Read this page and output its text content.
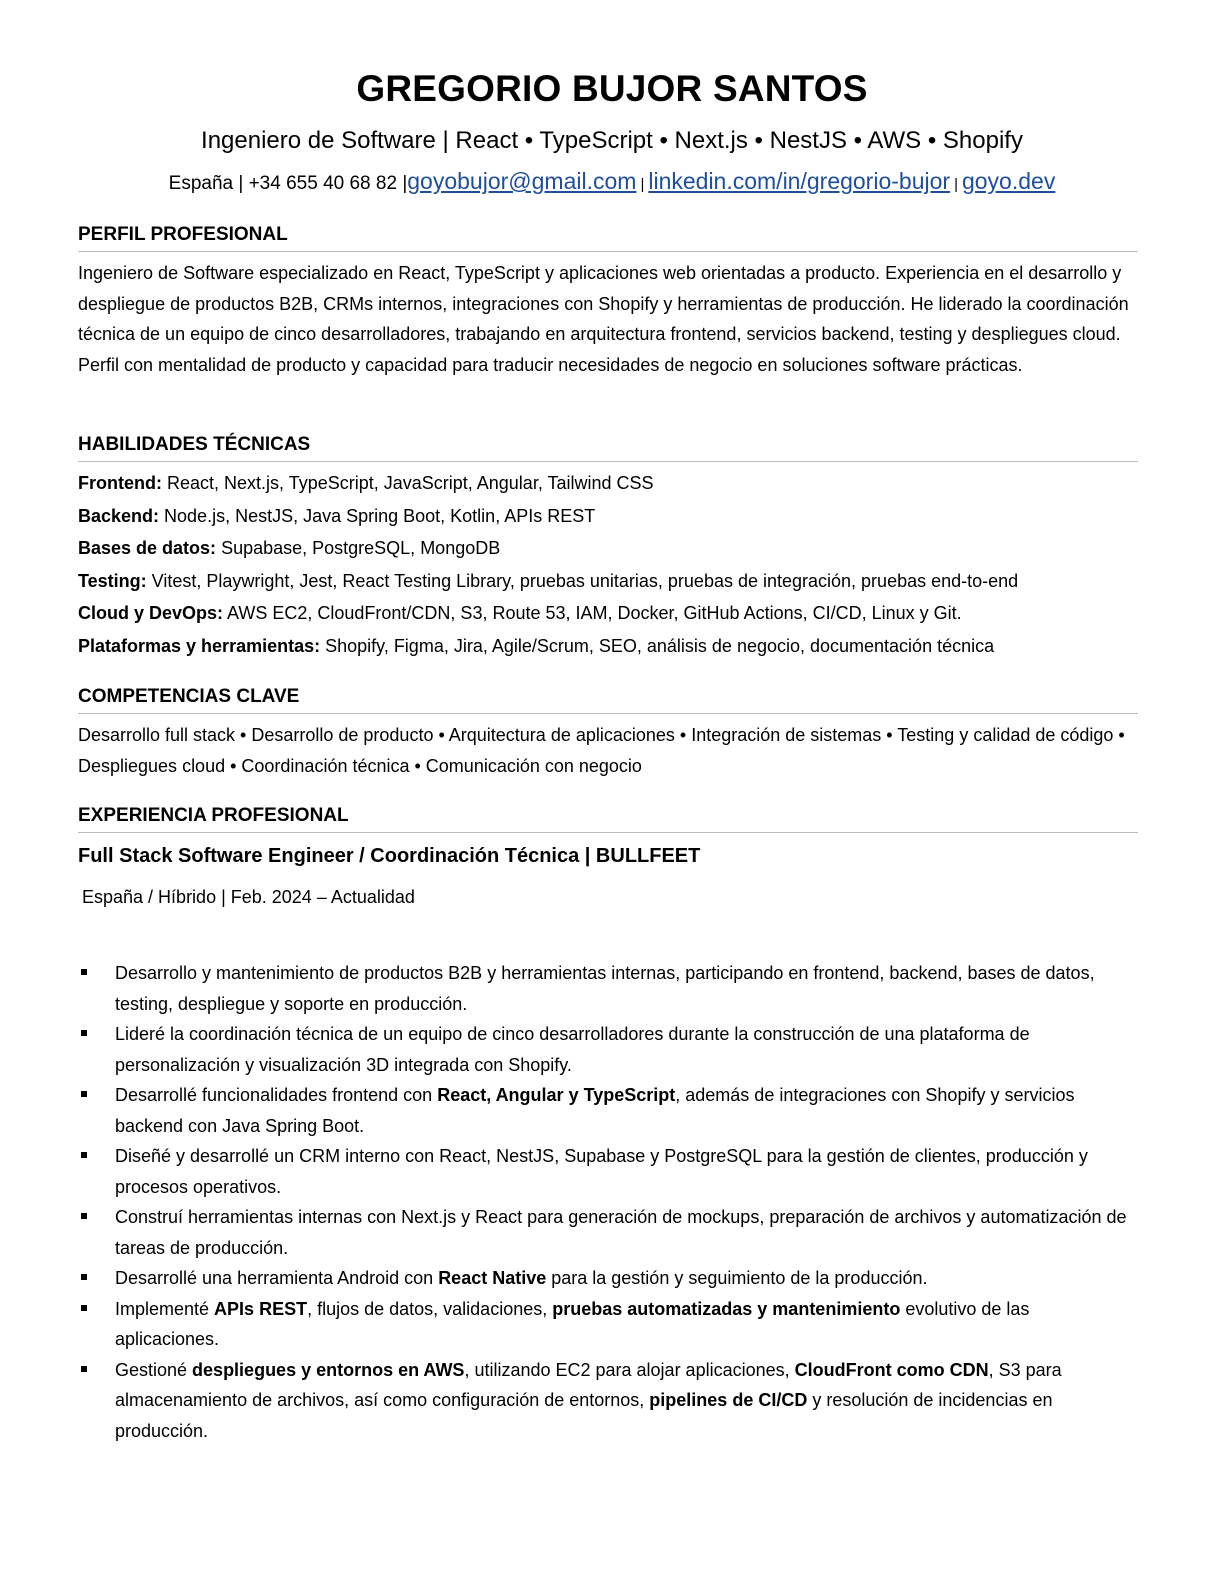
GREGORIO BUJOR SANTOS
Ingeniero de Software | React • TypeScript • Next.js • NestJS • AWS • Shopify
España | +34 655 40 68 82 |goyobujor@gmail.com | linkedin.com/in/gregorio-bujor | goyo.dev
PERFIL PROFESIONAL
Ingeniero de Software especializado en React, TypeScript y aplicaciones web orientadas a producto. Experiencia en el desarrollo y despliegue de productos B2B, CRMs internos, integraciones con Shopify y herramientas de producción. He liderado la coordinación técnica de un equipo de cinco desarrolladores, trabajando en arquitectura frontend, servicios backend, testing y despliegues cloud. Perfil con mentalidad de producto y capacidad para traducir necesidades de negocio en soluciones software prácticas.
HABILIDADES TÉCNICAS
Frontend: React, Next.js, TypeScript, JavaScript, Angular, Tailwind CSS
Backend: Node.js, NestJS, Java Spring Boot, Kotlin, APIs REST
Bases de datos: Supabase, PostgreSQL, MongoDB
Testing: Vitest, Playwright, Jest, React Testing Library, pruebas unitarias, pruebas de integración, pruebas end-to-end
Cloud y DevOps: AWS EC2, CloudFront/CDN, S3, Route 53, IAM, Docker, GitHub Actions, CI/CD, Linux y Git.
Plataformas y herramientas: Shopify, Figma, Jira, Agile/Scrum, SEO, análisis de negocio, documentación técnica
COMPETENCIAS CLAVE
Desarrollo full stack • Desarrollo de producto • Arquitectura de aplicaciones • Integración de sistemas • Testing y calidad de código • Despliegues cloud • Coordinación técnica • Comunicación con negocio
EXPERIENCIA PROFESIONAL
Full Stack Software Engineer / Coordinación Técnica | BULLFEET
España / Híbrido | Feb. 2024 – Actualidad
Desarrollo y mantenimiento de productos B2B y herramientas internas, participando en frontend, backend, bases de datos, testing, despliegue y soporte en producción.
Lideré la coordinación técnica de un equipo de cinco desarrolladores durante la construcción de una plataforma de personalización y visualización 3D integrada con Shopify.
Desarrollé funcionalidades frontend con React, Angular y TypeScript, además de integraciones con Shopify y servicios backend con Java Spring Boot.
Diseñé y desarrollé un CRM interno con React, NestJS, Supabase y PostgreSQL para la gestión de clientes, producción y procesos operativos.
Construí herramientas internas con Next.js y React para generación de mockups, preparación de archivos y automatización de tareas de producción.
Desarrollé una herramienta Android con React Native para la gestión y seguimiento de la producción.
Implementé APIs REST, flujos de datos, validaciones, pruebas automatizadas y mantenimiento evolutivo de las aplicaciones.
Gestioné despliegues y entornos en AWS, utilizando EC2 para alojar aplicaciones, CloudFront como CDN, S3 para almacenamiento de archivos, así como configuración de entornos, pipelines de CI/CD y resolución de incidencias en producción.
